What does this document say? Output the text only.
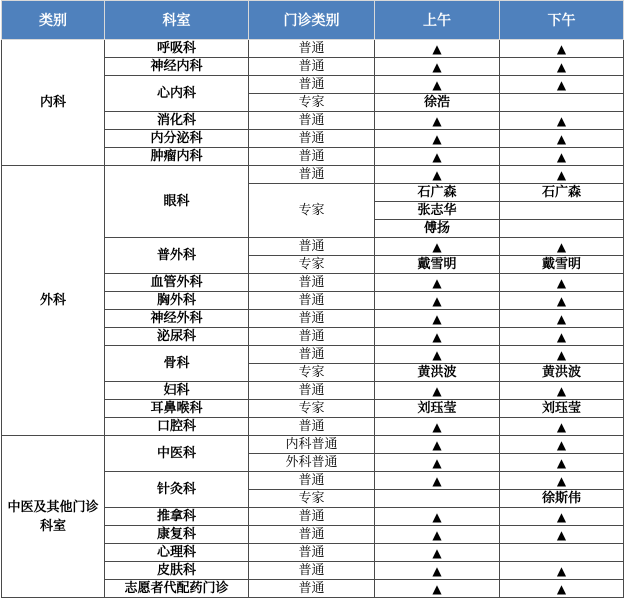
类别	科室	门诊类别	上午	下午
内科	呼吸科	普通	▲	▲
	神经内科	普通	▲	▲
	心内科	普通	▲	▲
		专家	徐浩	
	消化科	普通	▲	▲
	内分泌科	普通	▲	▲
	肿瘤内科	普通	▲	▲
外科	眼科	普通	▲	▲
		专家	石广森	石广森
			张志华	
			傅扬	
	普外科	普通	▲	▲
		专家	戴雪明	戴雪明
	血管外科	普通	▲	▲
	胸外科	普通	▲	▲
	神经外科	普通	▲	▲
	泌尿科	普通	▲	▲
	骨科	普通	▲	▲
		专家	黄洪波	黄洪波
	妇科	普通	▲	▲
	耳鼻喉科	专家	刘珏莹	刘珏莹
	口腔科	普通	▲	▲
中医及其他门诊科室	中医科	内科普通	▲	▲
		外科普通	▲	▲
	针灸科	普通	▲	▲
		专家		徐斯伟
	推拿科	普通	▲	▲
	康复科	普通	▲	▲
	心理科	普通	▲	
	皮肤科	普通	▲	▲
	志愿者代配药门诊	普通	▲	▲
